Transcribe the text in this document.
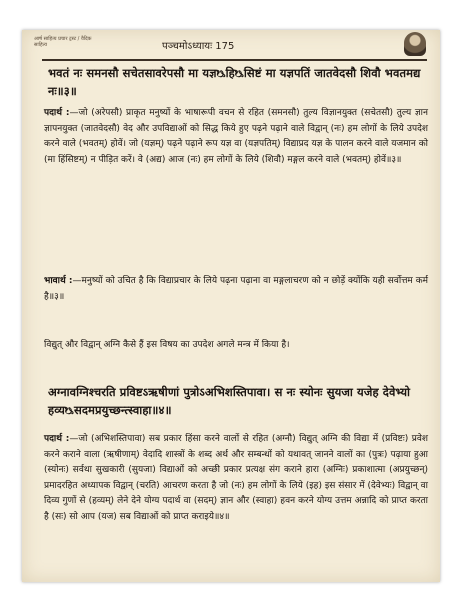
आर्ष साहित्य प्रचार ट्रस्ट / वैदिक साहित्य	पञ्चमोऽध्यायः 175
भवतं नः समनसौ सचेतसावरेपसौ मा यज्ञᳬहिᳬसिष्टं मा यज्ञपतिं जातवेदसौ शिवौ भवतमद्य नः॥३॥
पदार्थ :—जो (अरेपसौ) प्राकृत मनुष्यों के भाषारूपी वचन से रहित (समनसौ) तुल्य विज्ञानयुक्त (सचेतसौ) तुल्य ज्ञान ज्ञापनयुक्त (जातवेदसौ) वेद और उपविद्याओं को सिद्ध किये हुए पढ़ने पढ़ाने वाले विद्वान् (नः) हम लोगों के लिये उपदेश करने वाले (भवतम्) होवें। जो (यज्ञम्) पढ़ने पढ़ाने रूप यज्ञ वा (यज्ञपतिम्) विद्याप्रद यज्ञ के पालन करने वाले यजमान को (मा हिंसिष्टम्) न पीड़ित करें। वे (अद्य) आज (नः) हम लोगों के लिये (शिवौ) मङ्गल करने वाले (भवतम्) होवें॥३॥
भावार्थ :—मनुष्यों को उचित है कि विद्याप्रचार के लिये पढ़ना पढ़ाना वा मङ्गलाचरण को न छोड़ें क्योंकि यही सर्वोत्तम कर्म है॥३॥
विद्युत् और विद्वान् अग्नि कैसे हैं इस विषय का उपदेश अगले मन्त्र में किया है।
अग्नावग्निश्चरति प्रविष्टऽऋषीणां पुत्रोऽअभिशस्तिपावा। स नः स्योनः सुयजा यजेह देवेभ्यो हव्यᳬसदमप्रयुच्छन्त्स्वाहा॥४॥
पदार्थ :—जो (अभिशस्तिपावा) सब प्रकार हिंसा करने वालों से रहित (अग्नौ) विद्युत् अग्नि की विद्या में (प्रविष्टः) प्रवेश करने कराने वाला (ऋषीणाम्) वेदादि शास्त्रों के शब्द अर्थ और सम्बन्धों को यथावत् जानने वालों का (पुत्रः) पढ़ाया हुआ (स्योनः) सर्वथा सुखकारी (सुयजा) विद्याओं को अच्छी प्रकार प्रत्यक्ष संग कराने हारा (अग्निः) प्रकाशात्मा (अप्रयुच्छन्) प्रमादरहित अध्यापक विद्वान् (चरति) आचरण करता है जो (नः) हम लोगों के लिये (इह) इस संसार में (देवेभ्यः) विद्वान् वा दिव्य गुणों से (हव्यम्) लेने देने योग्य पदार्थ वा (सदम्) ज्ञान और (स्वाहा) हवन करने योग्य उत्तम अन्नादि को प्राप्त करता है (सः) सो आप (यज) सब विद्याओं को प्राप्त कराइये॥४॥
